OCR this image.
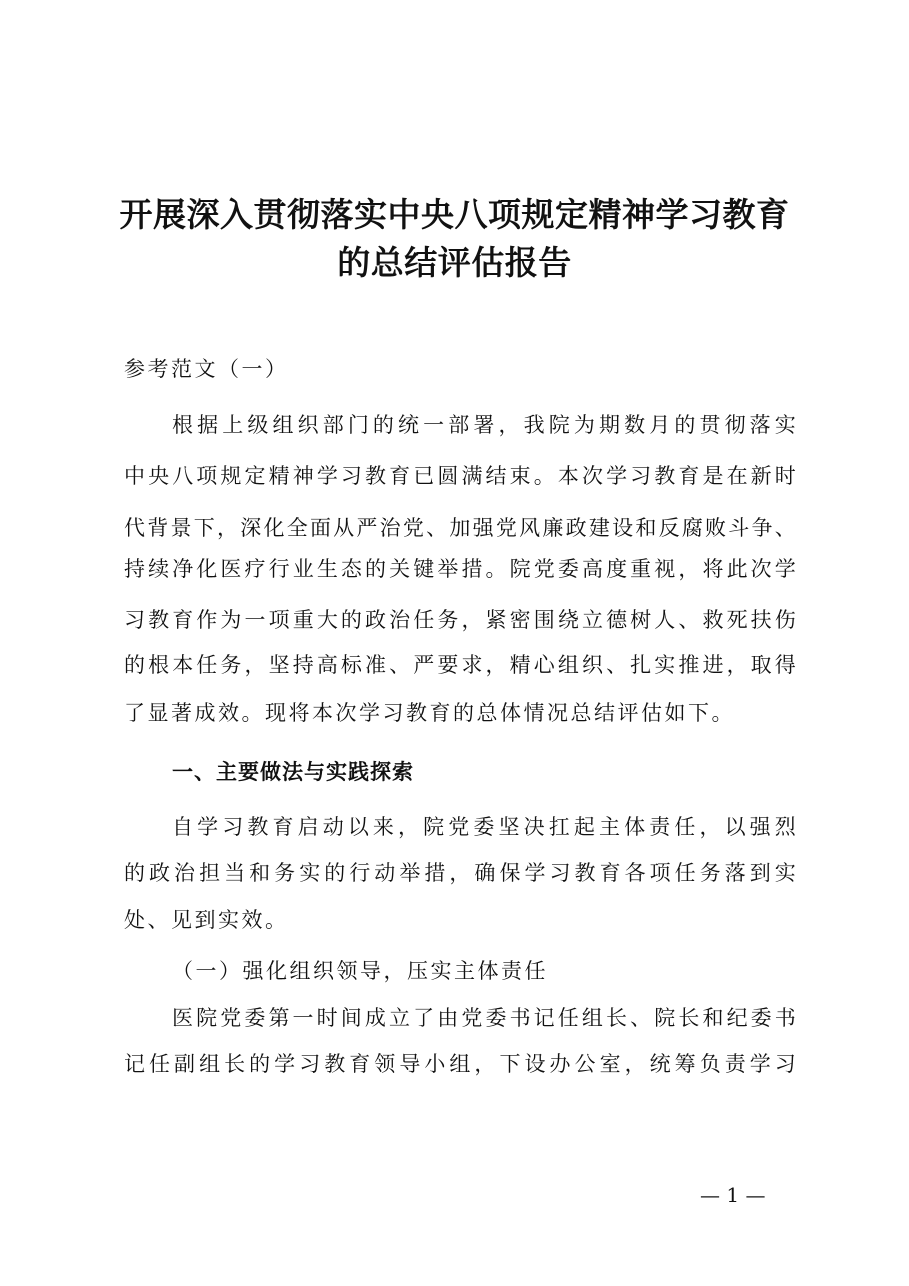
开展深入贯彻落实中央八项规定精神学习教育
的总结评估报告
参考范文（一）
根据上级组织部门的统一部署，我院为期数月的贯彻落实
中央八项规定精神学习教育已圆满结束。本次学习教育是在新时
代背景下，深化全面从严治党、加强党风廉政建设和反腐败斗争、
持续净化医疗行业生态的关键举措。院党委高度重视，将此次学
习教育作为一项重大的政治任务，紧密围绕立德树人、救死扶伤
的根本任务，坚持高标准、严要求，精心组织、扎实推进，取得
了显著成效。现将本次学习教育的总体情况总结评估如下。
一、主要做法与实践探索
自学习教育启动以来，院党委坚决扛起主体责任，以强烈
的政治担当和务实的行动举措，确保学习教育各项任务落到实
处、见到实效。
（一）强化组织领导，压实主体责任
医院党委第一时间成立了由党委书记任组长、院长和纪委书
记任副组长的学习教育领导小组，下设办公室，统筹负责学习
— 1 —
